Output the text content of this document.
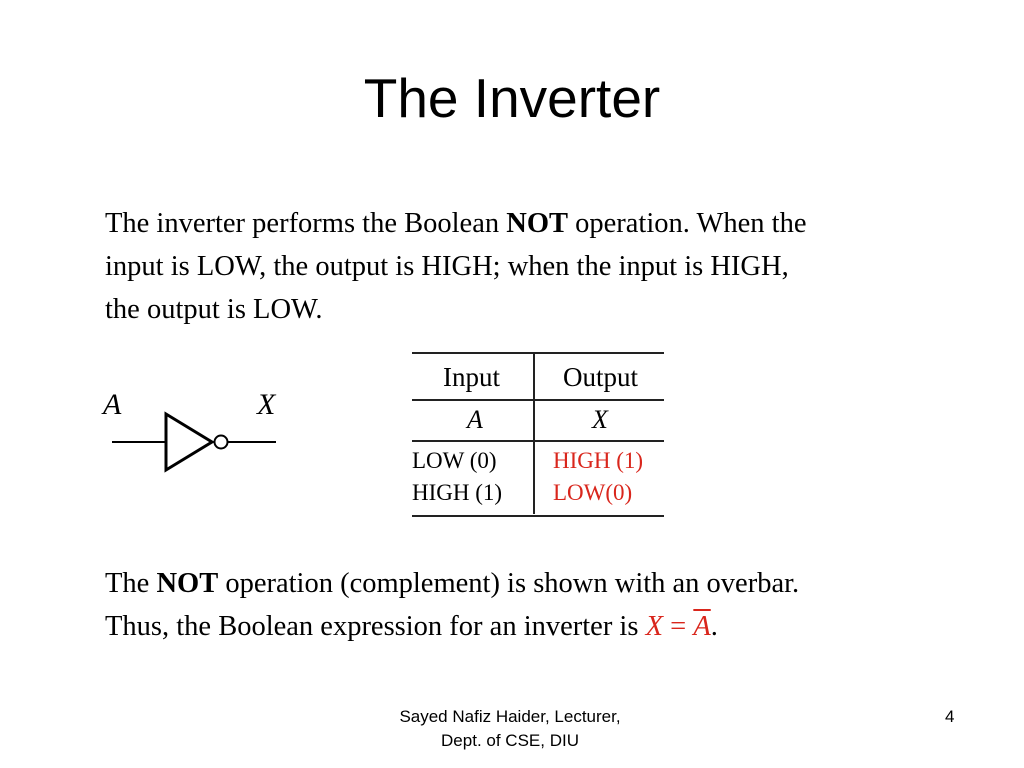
The Inverter
The inverter performs the Boolean NOT operation. When the
input is LOW, the output is HIGH; when the input is HIGH,
the output is LOW.
A	X
Input Output
A	X
LOW (0) HIGH (1)
HIGH (1) LOW(0)
The NOT operation (complement) is shown with an overbar.
Thus, the Boolean expression for an inverter is $X = \overline{A}$.
Sayed Nafiz Haider, Lecturer,
Dept. of CSE, DIU
4
